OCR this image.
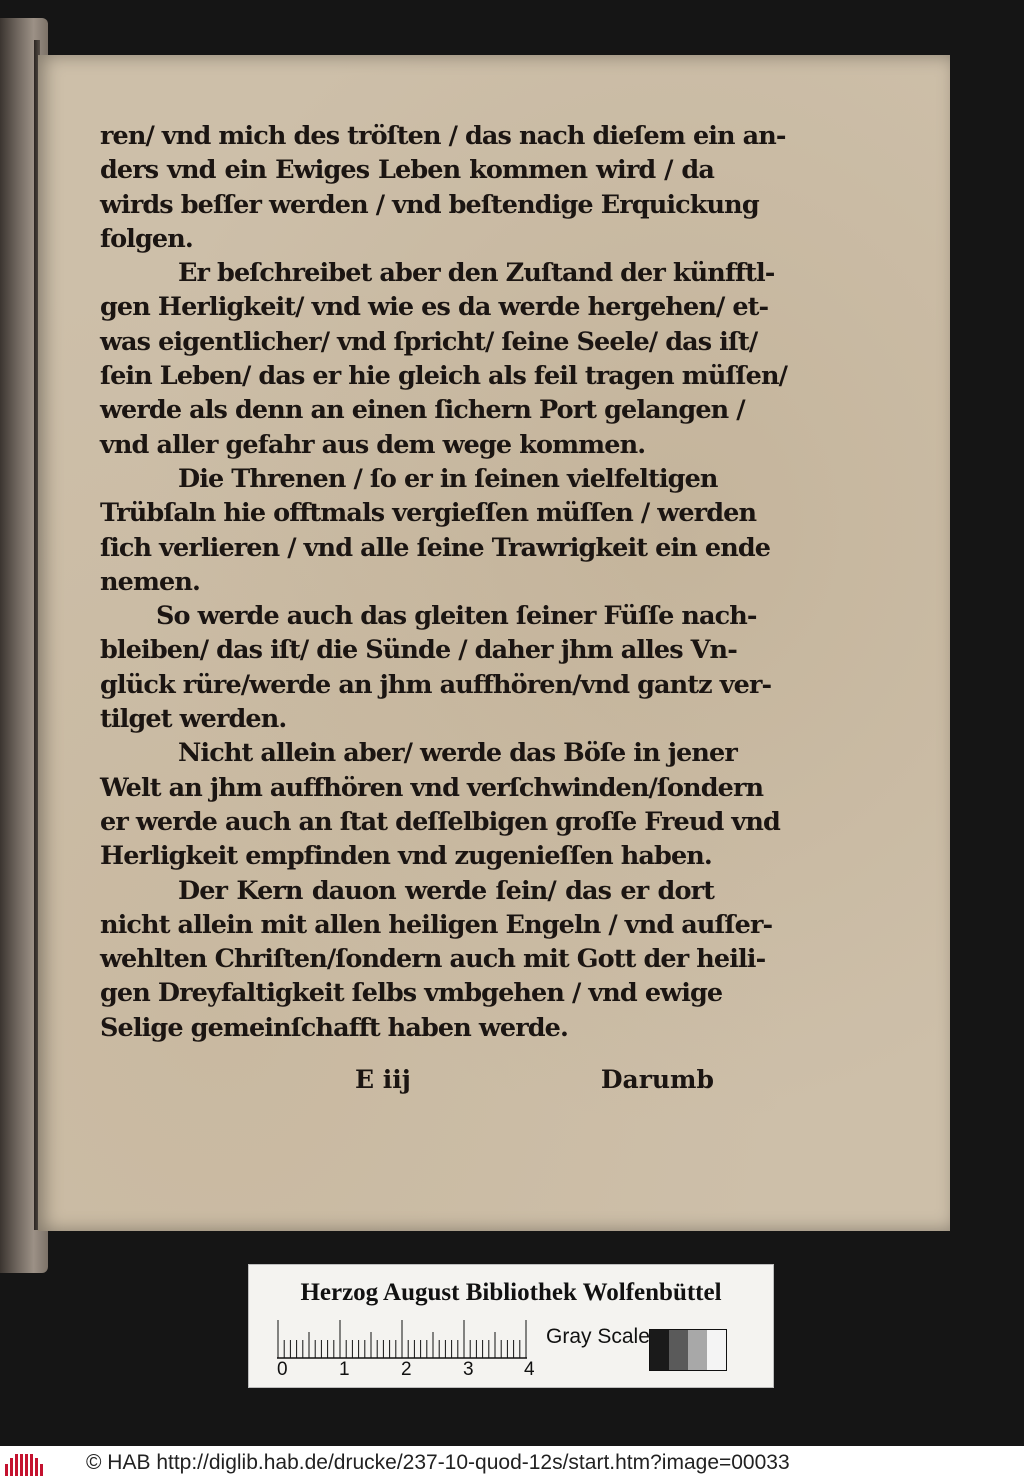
ren/ vnd mich des tröſten / das nach dieſem ein an-
ders vnd ein Ewiges Leben kommen wird / da
wirds beſſer werden / vnd beſtendige Erquickung
folgen.
Er beſchreibet aber den Zuſtand der künfftl-
gen Herligkeit/ vnd wie es da werde hergehen/ et-
was eigentlicher/ vnd ſpricht/ ſeine Seele/ das iſt/
ſein Leben/ das er hie gleich als feil tragen müſſen/
werde als denn an einen ſichern Port gelangen /
vnd aller gefahr aus dem wege kommen.
Die Threnen / ſo er in ſeinen vielfeltigen
Trübſaln hie offtmals vergieſſen müſſen / werden
ſich verlieren / vnd alle ſeine Trawrigkeit ein ende
nemen.
So werde auch das gleiten ſeiner Füſſe nach-
bleiben/ das iſt/ die Sünde / daher jhm alles Vn-
glück rüre/werde an jhm auffhören/vnd gantz ver-
tilget werden.
Nicht allein aber/ werde das Böſe in jener
Welt an jhm auffhören vnd verſchwinden/ſondern
er werde auch an ſtat deſſelbigen groſſe Freud vnd
Herligkeit empfinden vnd zugenieſſen haben.
Der Kern dauon werde ſein/ das er dort
nicht allein mit allen heiligen Engeln / vnd auſſer-
wehlten Chriſten/ſondern auch mit Gott der heili-
gen Dreyfaltigkeit ſelbs vmbgehen / vnd ewige
Selige gemeinſchafft haben werde.
E iij	Darumb
Herzog August Bibliothek Wolfenbüttel
0	1	2	3	4
Gray Scale
© HAB http://diglib.hab.de/drucke/237-10-quod-12s/start.htm?image=00033
